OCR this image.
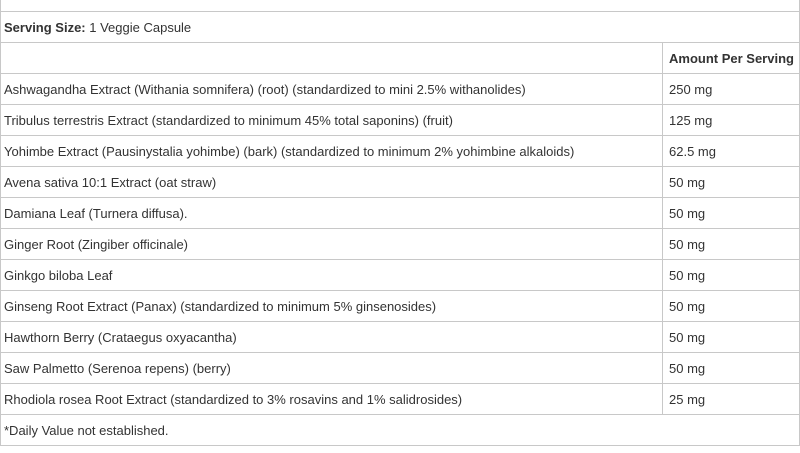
Serving Size: 1 Veggie Capsule	
	Amount Per Serving
Ashwagandha Extract (Withania somnifera) (root) (standardized to mini 2.5% withanolides)	250 mg
Tribulus terrestris Extract (standardized to minimum 45% total saponins) (fruit)	125 mg
Yohimbe Extract (Pausinystalia yohimbe) (bark) (standardized to minimum 2% yohimbine alkaloids)	62.5 mg
Avena sativa 10:1 Extract (oat straw)	50 mg
Damiana Leaf (Turnera diffusa).	50 mg
Ginger Root (Zingiber officinale)	50 mg
Ginkgo biloba Leaf	50 mg
Ginseng Root Extract (Panax) (standardized to minimum 5% ginsenosides)	50 mg
Hawthorn Berry (Crataegus oxyacantha)	50 mg
Saw Palmetto (Serenoa repens) (berry)	50 mg
Rhodiola rosea Root Extract (standardized to 3% rosavins and 1% salidrosides)	25 mg
*Daily Value not established.	
